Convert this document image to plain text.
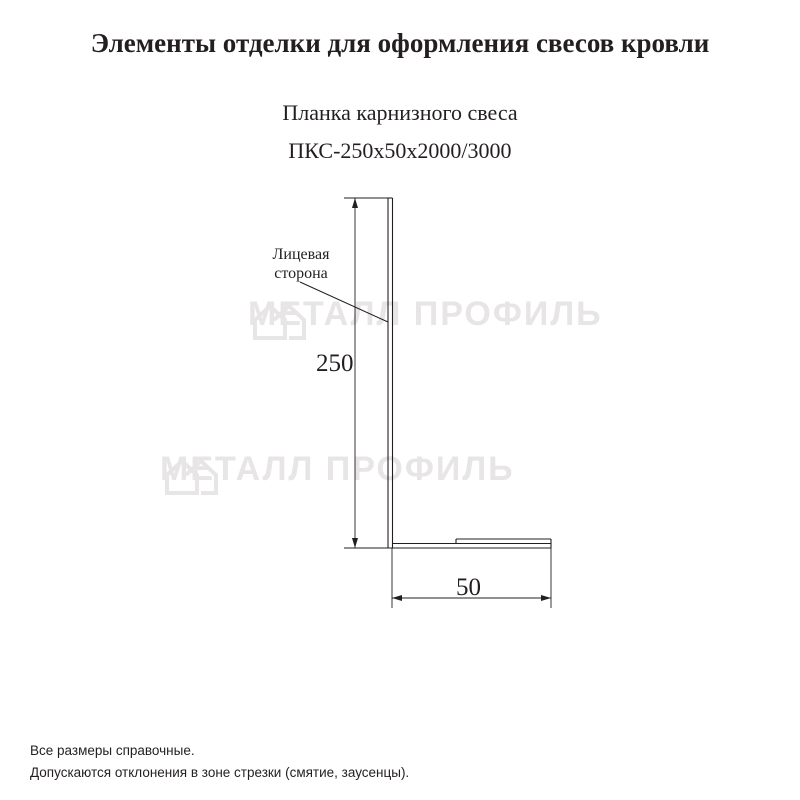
Элементы отделки для оформления свесов кровли
Планка карнизного свеса
ПКС-250х50х2000/3000
МЕТАЛЛ ПРОФИЛЬ
МЕТАЛЛ ПРОФИЛЬ
Лицевая
сторона
250
50
Все размеры справочные.
Допускаются отклонения в зоне стрезки (смятие, заусенцы).
